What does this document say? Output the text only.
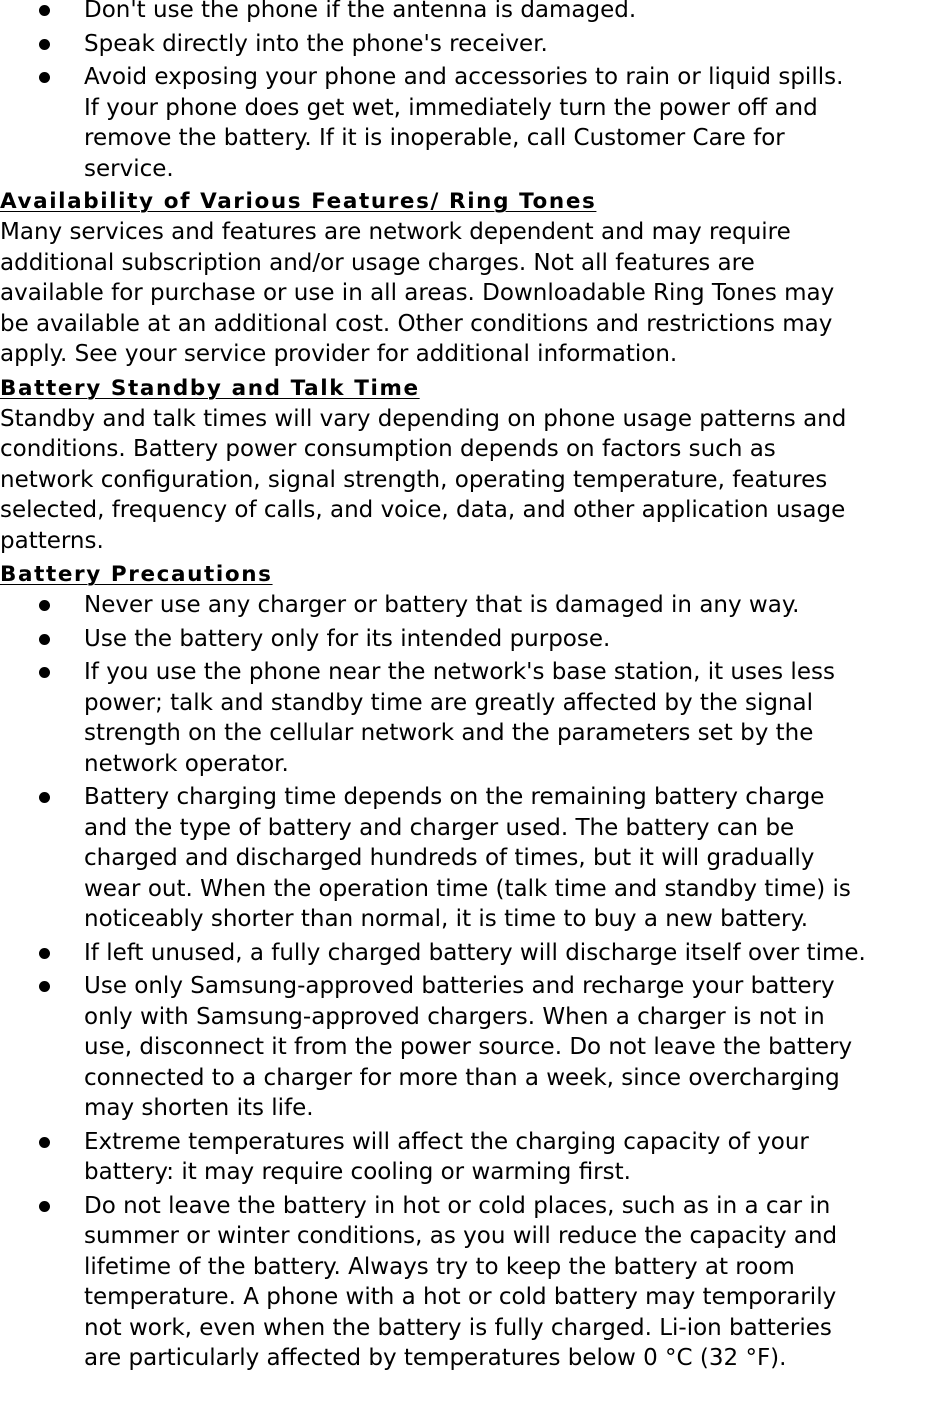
Don't use the phone if the antenna is damaged.
Speak directly into the phone's receiver.
Avoid exposing your phone and accessories to rain or liquid spills.
If your phone does get wet, immediately turn the power off and
remove the battery. If it is inoperable, call Customer Care for
service.
Availability of Various Features/ Ring Tones

Many services and features are network dependent and may require
additional subscription and/or usage charges. Not all features are
available for purchase or use in all areas. Downloadable Ring Tones may
be available at an additional cost. Other conditions and restrictions may
apply. See your service provider for additional information.

Battery Standby and Talk Time

Standby and talk times will vary depending on phone usage patterns and
conditions. Battery power consumption depends on factors such as
network configuration, signal strength, operating temperature, features
selected, frequency of calls, and voice, data, and other application usage
patterns.

Battery Precautions
Never use any charger or battery that is damaged in any way.
Use the battery only for its intended purpose.
If you use the phone near the network's base station, it uses less
power; talk and standby time are greatly affected by the signal
strength on the cellular network and the parameters set by the
network operator.
Battery charging time depends on the remaining battery charge
and the type of battery and charger used. The battery can be
charged and discharged hundreds of times, but it will gradually
wear out. When the operation time (talk time and standby time) is
noticeably shorter than normal, it is time to buy a new battery.
If left unused, a fully charged battery will discharge itself over time.
Use only Samsung-approved batteries and recharge your battery
only with Samsung-approved chargers. When a charger is not in
use, disconnect it from the power source. Do not leave the battery
connected to a charger for more than a week, since overcharging
may shorten its life.
Extreme temperatures will affect the charging capacity of your
battery: it may require cooling or warming first.
Do not leave the battery in hot or cold places, such as in a car in
summer or winter conditions, as you will reduce the capacity and
lifetime of the battery. Always try to keep the battery at room
temperature. A phone with a hot or cold battery may temporarily
not work, even when the battery is fully charged. Li-ion batteries
are particularly affected by temperatures below 0 °C (32 °F).
